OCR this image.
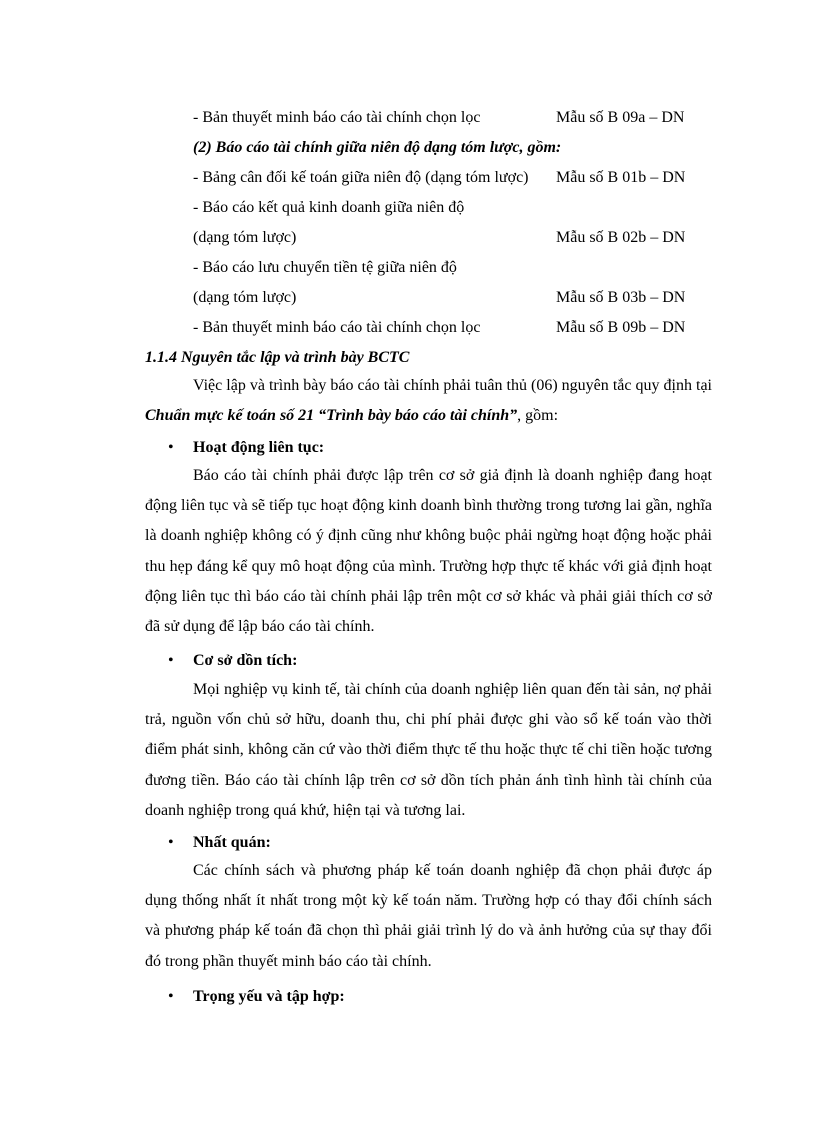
- Bản thuyết minh báo cáo tài chính chọn lọc	Mẫu số B 09a – DN
(2) Báo cáo tài chính giữa niên độ dạng tóm lược, gồm:
- Bảng cân đối kế toán giữa niên độ (dạng tóm lược) Mẫu số B 01b – DN
- Báo cáo kết quả kinh doanh giữa niên độ
(dạng tóm lược)	Mẫu số B 02b – DN
- Báo cáo lưu chuyển tiền tệ giữa niên độ
(dạng tóm lược)	Mẫu số B 03b – DN
- Bản thuyết minh báo cáo tài chính chọn lọc	Mẫu số B 09b – DN
1.1.4 Nguyên tắc lập và trình bày BCTC
Việc lập và trình bày báo cáo tài chính phải tuân thủ (06) nguyên tắc quy định tại Chuẩn mực kế toán số 21 “Trình bày báo cáo tài chính”, gồm:
• Hoạt động liên tục:
Báo cáo tài chính phải được lập trên cơ sở giả định là doanh nghiệp đang hoạt động liên tục và sẽ tiếp tục hoạt động kinh doanh bình thường trong tương lai gần, nghĩa là doanh nghiệp không có ý định cũng như không buộc phải ngừng hoạt động hoặc phải thu hẹp đáng kể quy mô hoạt động của mình. Trường hợp thực tế khác với giả định hoạt động liên tục thì báo cáo tài chính phải lập trên một cơ sở khác và phải giải thích cơ sở đã sử dụng để lập báo cáo tài chính.
• Cơ sở dồn tích:
Mọi nghiệp vụ kinh tế, tài chính của doanh nghiệp liên quan đến tài sản, nợ phải trả, nguồn vốn chủ sở hữu, doanh thu, chi phí phải được ghi vào sổ kế toán vào thời điểm phát sinh, không căn cứ vào thời điểm thực tế thu hoặc thực tế chi tiền hoặc tương đương tiền. Báo cáo tài chính lập trên cơ sở dồn tích phản ánh tình hình tài chính của doanh nghiệp trong quá khứ, hiện tại và tương lai.
• Nhất quán:
Các chính sách và phương pháp kế toán doanh nghiệp đã chọn phải được áp dụng thống nhất ít nhất trong một kỳ kế toán năm. Trường hợp có thay đổi chính sách và phương pháp kế toán đã chọn thì phải giải trình lý do và ảnh hưởng của sự thay đổi đó trong phần thuyết minh báo cáo tài chính.
• Trọng yếu và tập hợp:
